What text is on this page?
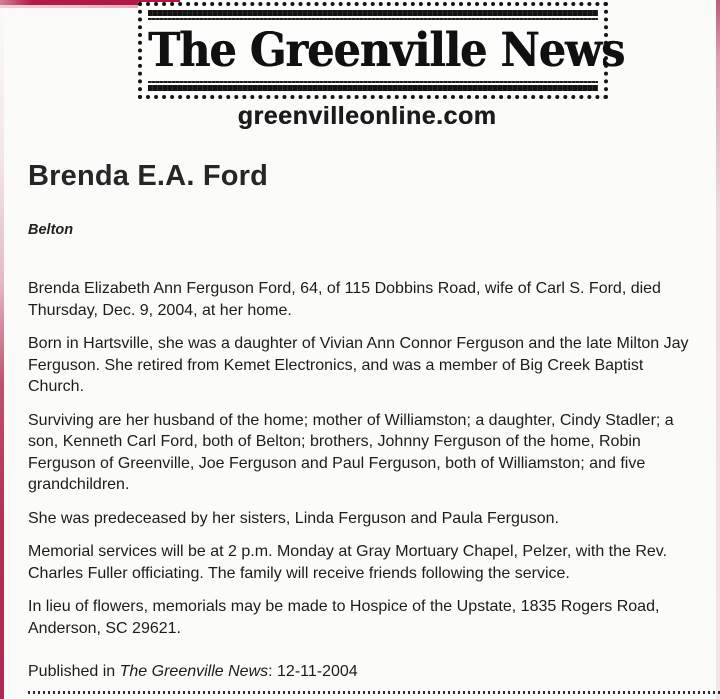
The Greenville News
greenvilleonline.com
Brenda E.A. Ford

Belton

Brenda Elizabeth Ann Ferguson Ford, 64, of 115 Dobbins Road, wife of Carl S. Ford, died Thursday, Dec. 9, 2004, at her home.

Born in Hartsville, she was a daughter of Vivian Ann Connor Ferguson and the late Milton Jay Ferguson. She retired from Kemet Electronics, and was a member of Big Creek Baptist Church.

Surviving are her husband of the home; mother of Williamston; a daughter, Cindy Stadler; a son, Kenneth Carl Ford, both of Belton; brothers, Johnny Ferguson of the home, Robin Ferguson of Greenville, Joe Ferguson and Paul Ferguson, both of Williamston; and five grandchildren.

She was predeceased by her sisters, Linda Ferguson and Paula Ferguson.

Memorial services will be at 2 p.m. Monday at Gray Mortuary Chapel, Pelzer, with the Rev. Charles Fuller officiating. The family will receive friends following the service.

In lieu of flowers, memorials may be made to Hospice of the Upstate, 1835 Rogers Road, Anderson, SC 29621.

Published in The Greenville News: 12-11-2004
